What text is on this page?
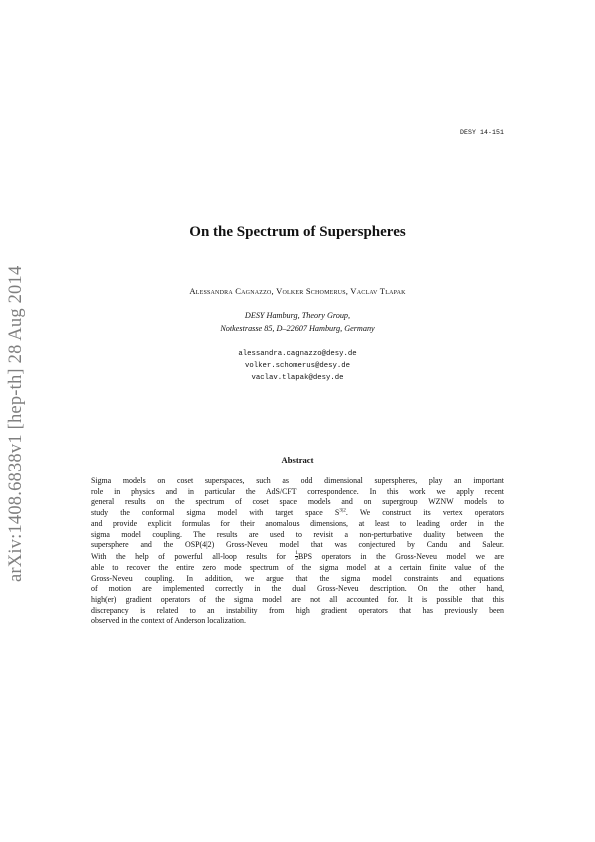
DESY 14-151
arXiv:1408.6838v1 [hep-th] 28 Aug 2014
On the Spectrum of Superspheres
Alessandra Cagnazzo, Volker Schomerus, Vaclav Tlapak
DESY Hamburg, Theory Group,
Notkestrasse 85, D–22607 Hamburg, Germany
alessandra.cagnazzo@desy.de
volker.schomerus@desy.de
vaclav.tlapak@desy.de
Abstract
Sigma models on coset superspaces, such as odd dimensional superspheres, play an important
role in physics and in particular the AdS/CFT correspondence. In this work we apply recent
general results on the spectrum of coset space models and on supergroup WZNW models to
study the conformal sigma model with target space $S^{3|2}$. We construct its vertex operators
and provide explicit formulas for their anomalous dimensions, at least to leading order in the
sigma model coupling. The results are used to revisit a non-perturbative duality between the
supersphere and the OSP(4|2) Gross-Neveu model that was conjectured by Candu and Saleur.
With the help of powerful all-loop results for $\frac{1}{2}$ BPS operators in the Gross-Neveu model we are
able to recover the entire zero mode spectrum of the sigma model at a certain finite value of the
Gross-Neveu coupling. In addition, we argue that the sigma model constraints and equations
of motion are implemented correctly in the dual Gross-Neveu description. On the other hand,
high(er) gradient operators of the sigma model are not all accounted for. It is possible that this
discrepancy is related to an instability from high gradient operators that has previously been
observed in the context of Anderson localization.
